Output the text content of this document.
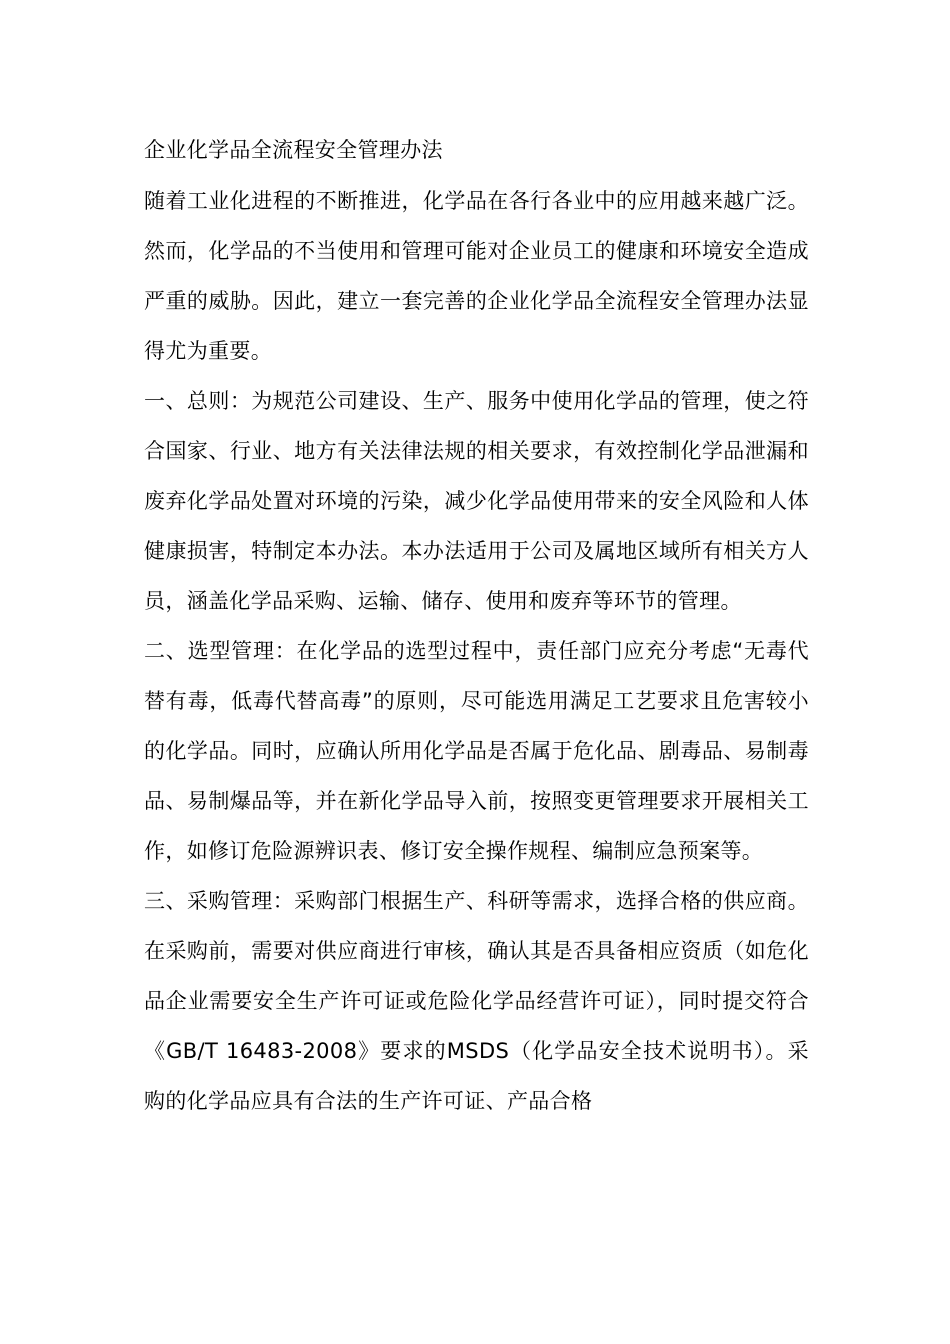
企业化学品全流程安全管理办法

随着工业化进程的不断推进，化学品在各行各业中的应用越来越广泛。然而，化学品的不当使用和管理可能对企业员工的健康和环境安全造成严重的威胁。因此，建立一套完善的企业化学品全流程安全管理办法显得尤为重要。

一、总则：为规范公司建设、生产、服务中使用化学品的管理，使之符合国家、行业、地方有关法律法规的相关要求，有效控制化学品泄漏和废弃化学品处置对环境的污染，减少化学品使用带来的安全风险和人体健康损害，特制定本办法。本办法适用于公司及属地区域所有相关方人员，涵盖化学品采购、运输、储存、使用和废弃等环节的管理。

二、选型管理：在化学品的选型过程中，责任部门应充分考虑“无毒代替有毒，低毒代替高毒”的原则，尽可能选用满足工艺要求且危害较小的化学品。同时，应确认所用化学品是否属于危化品、剧毒品、易制毒品、易制爆品等，并在新化学品导入前，按照变更管理要求开展相关工作，如修订危险源辨识表、修订安全操作规程、编制应急预案等。

三、采购管理：采购部门根据生产、科研等需求，选择合格的供应商。在采购前，需要对供应商进行审核，确认其是否具备相应资质（如危化品企业需要安全生产许可证或危险化学品经营许可证），同时提交符合《GB/T 16483-2008》要求的MSDS（化学品安全技术说明书）。采购的化学品应具有合法的生产许可证、产品合格
